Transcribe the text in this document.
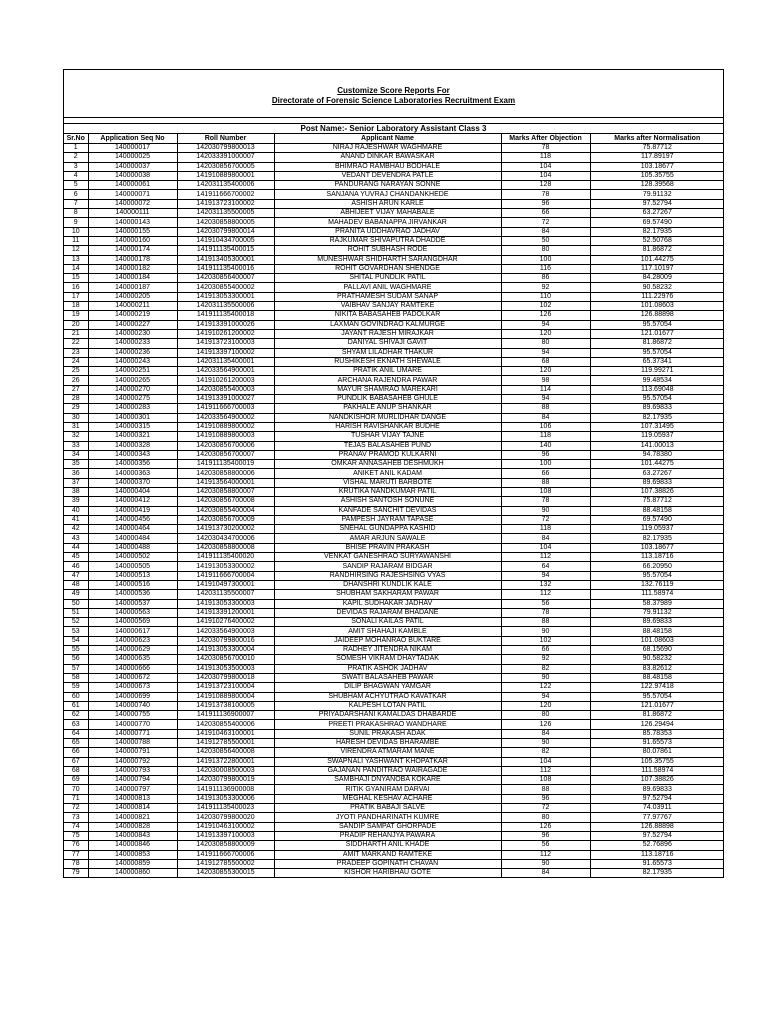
Customize Score Reports For
Directorate of Forensic Science Laboratories Recruitment Exam
Post Name:- Senior Laboratory Assistant Class 3
Sr.No	Application Seq No	Roll Number	Applicant Name	Marks After Objection	Marks after Normalisation
1	140000017	142030799800013	NIRAJ RAJESHWAR WAGHMARE	78	75.87712
2	140000025	142033391000007	ANAND DINKAR BAWASKAR	118	117.89197
3	140000037	142030856700005	BHIMRAO RAMBHAU BODHALE	104	103.18677
4	140000038	141910889800001	VEDANT DEVENDRA PATLE	104	105.35755
5	140000061	142031135400006	PANDURANG NARAYAN SONNE	128	128.39568
6	140000071	141911666700002	SANJANA YUVRAJ CHANDANKHEDE	78	79.91132
7	140000072	141913723100002	ASHISH ARUN KARLE	96	97.52794
8	140000111	142031135500005	ABHIJEET VIJAY MAHABALE	66	63.27267
9	140000143	142030858800005	MAHADEV BABANAPPA JIRVANKAR	72	69.57490
10	140000155	142030799800014	PRANITA UDDHAVRAO JADHAV	84	82.17935
11	140000160	141910434700005	RAJKUMAR SHIVAPUTRA DHADDE	50	52.50768
12	140000174	141911135400015	ROHIT SUBHASH RODE	80	81.86872
13	140000178	141913405300001	MUNESHWAR SHIDHARTH SARANGDHAR	100	101.44275
14	140000182	141911135400016	ROHIT GOVARDHAN SHENDGE	116	117.10197
15	140000184	142030856400007	SHITAL PUNDLIK PATIL	86	84.28009
16	140000187	142030855400002	PALLAVI ANIL WAGHMARE	92	90.58232
17	140000205	141913053300001	PRATHAMESH SUDAM SANAP	110	111.22976
18	140000211	142031135500006	VAIBHAV SANJAY RAMTEKE	102	101.08603
19	140000219	141911135400018	NIKITA BABASAHEB PADOLKAR	126	126.88898
20	140000227	141913391000026	LAXMAN GOVINDRAO KALMURGE	94	95.57054
21	140000230	141910261200002	JAYANT RAJESH MIRAJKAR	120	121.01677
22	140000233	141913723100003	DANIYAL SHIVAJI GAVIT	80	81.86872
23	140000236	141913397100002	SHYAM LILADHAR THAKUR	94	95.57054
24	140000243	142031135400001	RUSHIKESH EKNATH SHEWALE	68	65.37341
25	140000251	142033564900001	PRATIK ANIL UMARE	120	119.99271
26	140000265	141910261200003	ARCHANA RAJENDRA PAWAR	98	99.48534
27	140000270	142030855400003	MAYUR SHAMRAO MAREKARI	114	113.69048
28	140000275	141913391000027	PUNDLIK BABASAHEB GHULE	94	95.57054
29	140000283	141911666700003	PAKHALE ANUP SHANKAR	88	89.69833
30	140000301	142033564900002	NANDKISHOR MURLIDHAR DANGE	84	82.17935
31	140000315	141910889800002	HARISH RAVISHANKAR BUDHE	106	107.31495
32	140000321	141910889800003	TUSHAR VIJAY TAJNE	118	119.05937
33	140000328	142030856700006	TEJAS BALASAHEB PUND	140	141.00013
34	140000343	142030856700007	PRANAV PRAMOD KULKARNI	96	94.78380
35	140000356	141911135400019	OMKAR ANNASAHEB DESHMUKH	100	101.44275
36	140000363	142030858800006	ANIKET ANIL KADAM	66	63.27267
37	140000370	141913564000001	VISHAL MARUTI BARBOTE	88	89.69833
38	140000404	142030858800007	KRUTIKA NANDKUMAR PATIL	108	107.38826
39	140000412	142030856700008	ASHISH SANTOSH SONUNE	78	75.87712
40	140000419	142030855400004	KANFADE SANCHIT DEVIDAS	90	88.48158
41	140000456	142030856700009	PAMPESH JAYRAM TAPASE	72	69.57490
42	140000464	141913730200002	SNEHAL GUNDAPPA KASHID	118	119.05937
43	140000484	142030434700006	AMAR ARJUN SAWALE	84	82.17935
44	140000488	142030858800008	BHISE PRAVIN PRAKASH	104	103.18677
45	140000502	141911135400020	VENKAT GANESHRAO SURYAWANSHI	112	113.18716
46	140000505	141913053300002	SANDIP RAJARAM BIDGAR	64	66.20950
47	140000513	141911666700004	RANDHIRSING RAJESHSING VYAS	94	95.57054
48	140000516	141910497300001	DHANSHRI KUNDLIK KALE	132	132.76119
49	140000536	142031135500007	SHUBHAM SAKHARAM PAWAR	112	111.58974
50	140000537	141913053300003	KAPIL SUDHAKAR JADHAV	56	58.37989
51	140000563	141913391200001	DEVIDAS RAJARAM BHADANE	78	79.91132
52	140000569	141910276400002	SONALI KAILAS PATIL	88	89.69833
53	140000617	142033564900003	AMIT SHAHAJI KAMBLE	90	88.48158
54	140000623	142030799800016	JAIDEEP MOHANRAO BUKTARE	102	101.08603
55	140000629	141913053300004	RADHEY JITENDRA NIKAM	66	68.15690
56	140000635	142030856700010	SOMESH VIKRAM DHAYTADAK	92	90.58232
57	140000666	141913053500003	PRATIK ASHOK JADHAV	82	83.82612
58	140000672	142030799800018	SWATI BALASAHEB PAWAR	90	88.48158
59	140000673	141913723100004	DILIP BHAGWAN YAMGAR	122	122.97418
60	140000699	141910889800004	SHUBHAM ACHYUTRAO KAVATKAR	94	95.57054
61	140000740	141913738100005	KALPESH LOTAN PATIL	120	121.01677
62	140000755	141911136900007	PRIYADARSHANI KAMALDAS DHABARDE	80	81.86872
63	140000770	142030855400006	PREETI PRAKASHRAO WANDHARE	126	126.29494
64	140000771	141910463100001	SUNIL PRAKASH ADAK	84	85.78353
65	140000788	141912785500001	HARESH DEVIDAS BHARAMBE	90	91.65573
66	140000791	142030856400008	VIRENDRA ATMARAM MANE	82	80.07861
67	140000792	141913722800001	SWAPNALI YASHWANT KHOPATKAR	104	105.35755
68	140000793	142030008500003	GAJANAN PANDITRAO WAIRAGADE	112	111.58974
69	140000794	142030799800019	SAMBHAJI DNYANOBA KOKARE	108	107.38826
70	140000797	141911136900008	RITIK GYANIRAM DARVAI	88	89.69833
71	140000813	141913053300006	MEGHAL KESHAV ACHARE	96	97.52794
72	140000814	141911135400023	PRATIK BABAJI SALVE	72	74.03911
73	140000821	142030799800020	JYOTI PANDHARINATH KUMRE	80	77.97767
74	140000828	141910463100002	SANDIP SAMPAT GHORPADE	126	126.88898
75	140000843	141913397100003	PRADIP REHANJYA PAWARA	96	97.52794
76	140000846	142030858800009	SIDDHARTH ANIL KHADE	56	52.76896
77	140000853	141911666700006	AMIT MARKAND RAMTEKE	112	113.18716
78	140000859	141912785500002	PRADEEP GOPINATH CHAVAN	90	91.65573
79	140000860	142030855300015	KISHOR HARIBHAU GOTE	84	82.17935
